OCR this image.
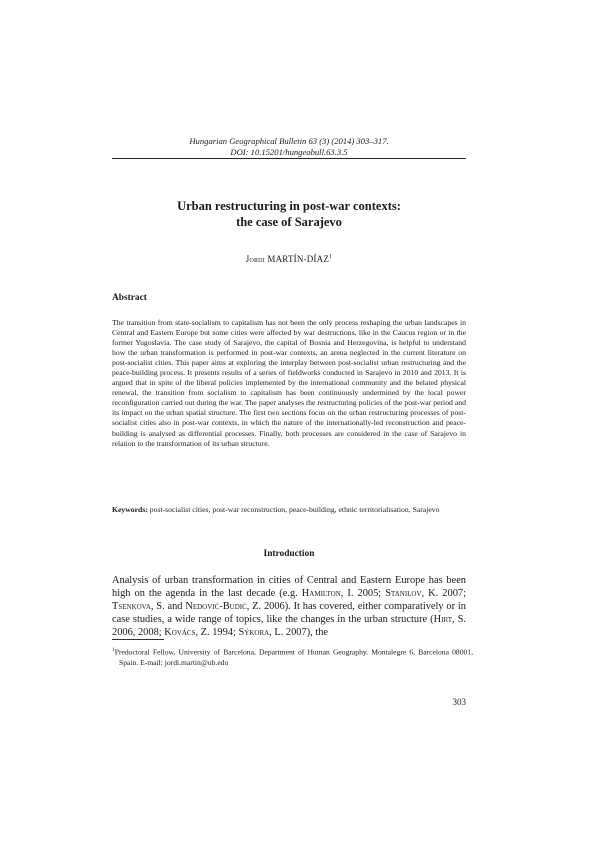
Hungarian Geographical Bulletin 63 (3) (2014) 303–317.
DOI: 10.15201/hungeobull.63.3.5
Urban restructuring in post-war contexts:
the case of Sarajevo
Jordi MARTÍN-DÍAZ$^1$
Abstract
The transition from state-socialism to capitalism has not been the only process reshaping the urban landscapes in Central and Eastern Europe but some cities were affected by war destructions, like in the Caucus region or in the former Yugoslavia. The case study of Sarajevo, the capital of Bosnia and Herzegovina, is helpful to understand how the urban transformation is performed in post-war contexts, an arena neglected in the current literature on post-socialist cities. This paper aims at exploring the interplay between post-socialist urban restructuring and the peace-building process. It presents results of a series of fieldworks conducted in Sarajevo in 2010 and 2013. It is argued that in spite of the liberal policies implemented by the international community and the belated physical renewal, the transition from socialism to capitalism has been continuously undermined by the local power reconfiguration carried out during the war. The paper analyses the restructuring policies of the post-war period and its impact on the urban spatial structure. The first two sections focus on the urban restructuring processes of post-socialist cities also in post-war contexts, in which the nature of the internationally-led reconstruction and peace-building is analysed as differential processes. Finally, both processes are considered in the case of Sarajevo in relation to the transformation of its urban structure.
Keywords: post-socialist cities, post-war reconstruction, peace-building, ethnic territorialisation, Sarajevo
Introduction
Analysis of urban transformation in cities of Central and Eastern Europe has been high on the agenda in the last decade (e.g. Hamilton, I. 2005; Stanilov, K. 2007; Tsenkova, S. and Nedović-Budić, Z. 2006). It has covered, either comparatively or in case studies, a wide range of topics, like the changes in the urban structure (Hirt, S. 2006, 2008; Kovács, Z. 1994; Sýkora, L. 2007), the
$^1$Predoctoral Fellow, University of Barcelona, Department of Human Geography. Montalegre 6, Barcelona 08001, Spain. E-mail: jordi.martin@ub.edu
303
